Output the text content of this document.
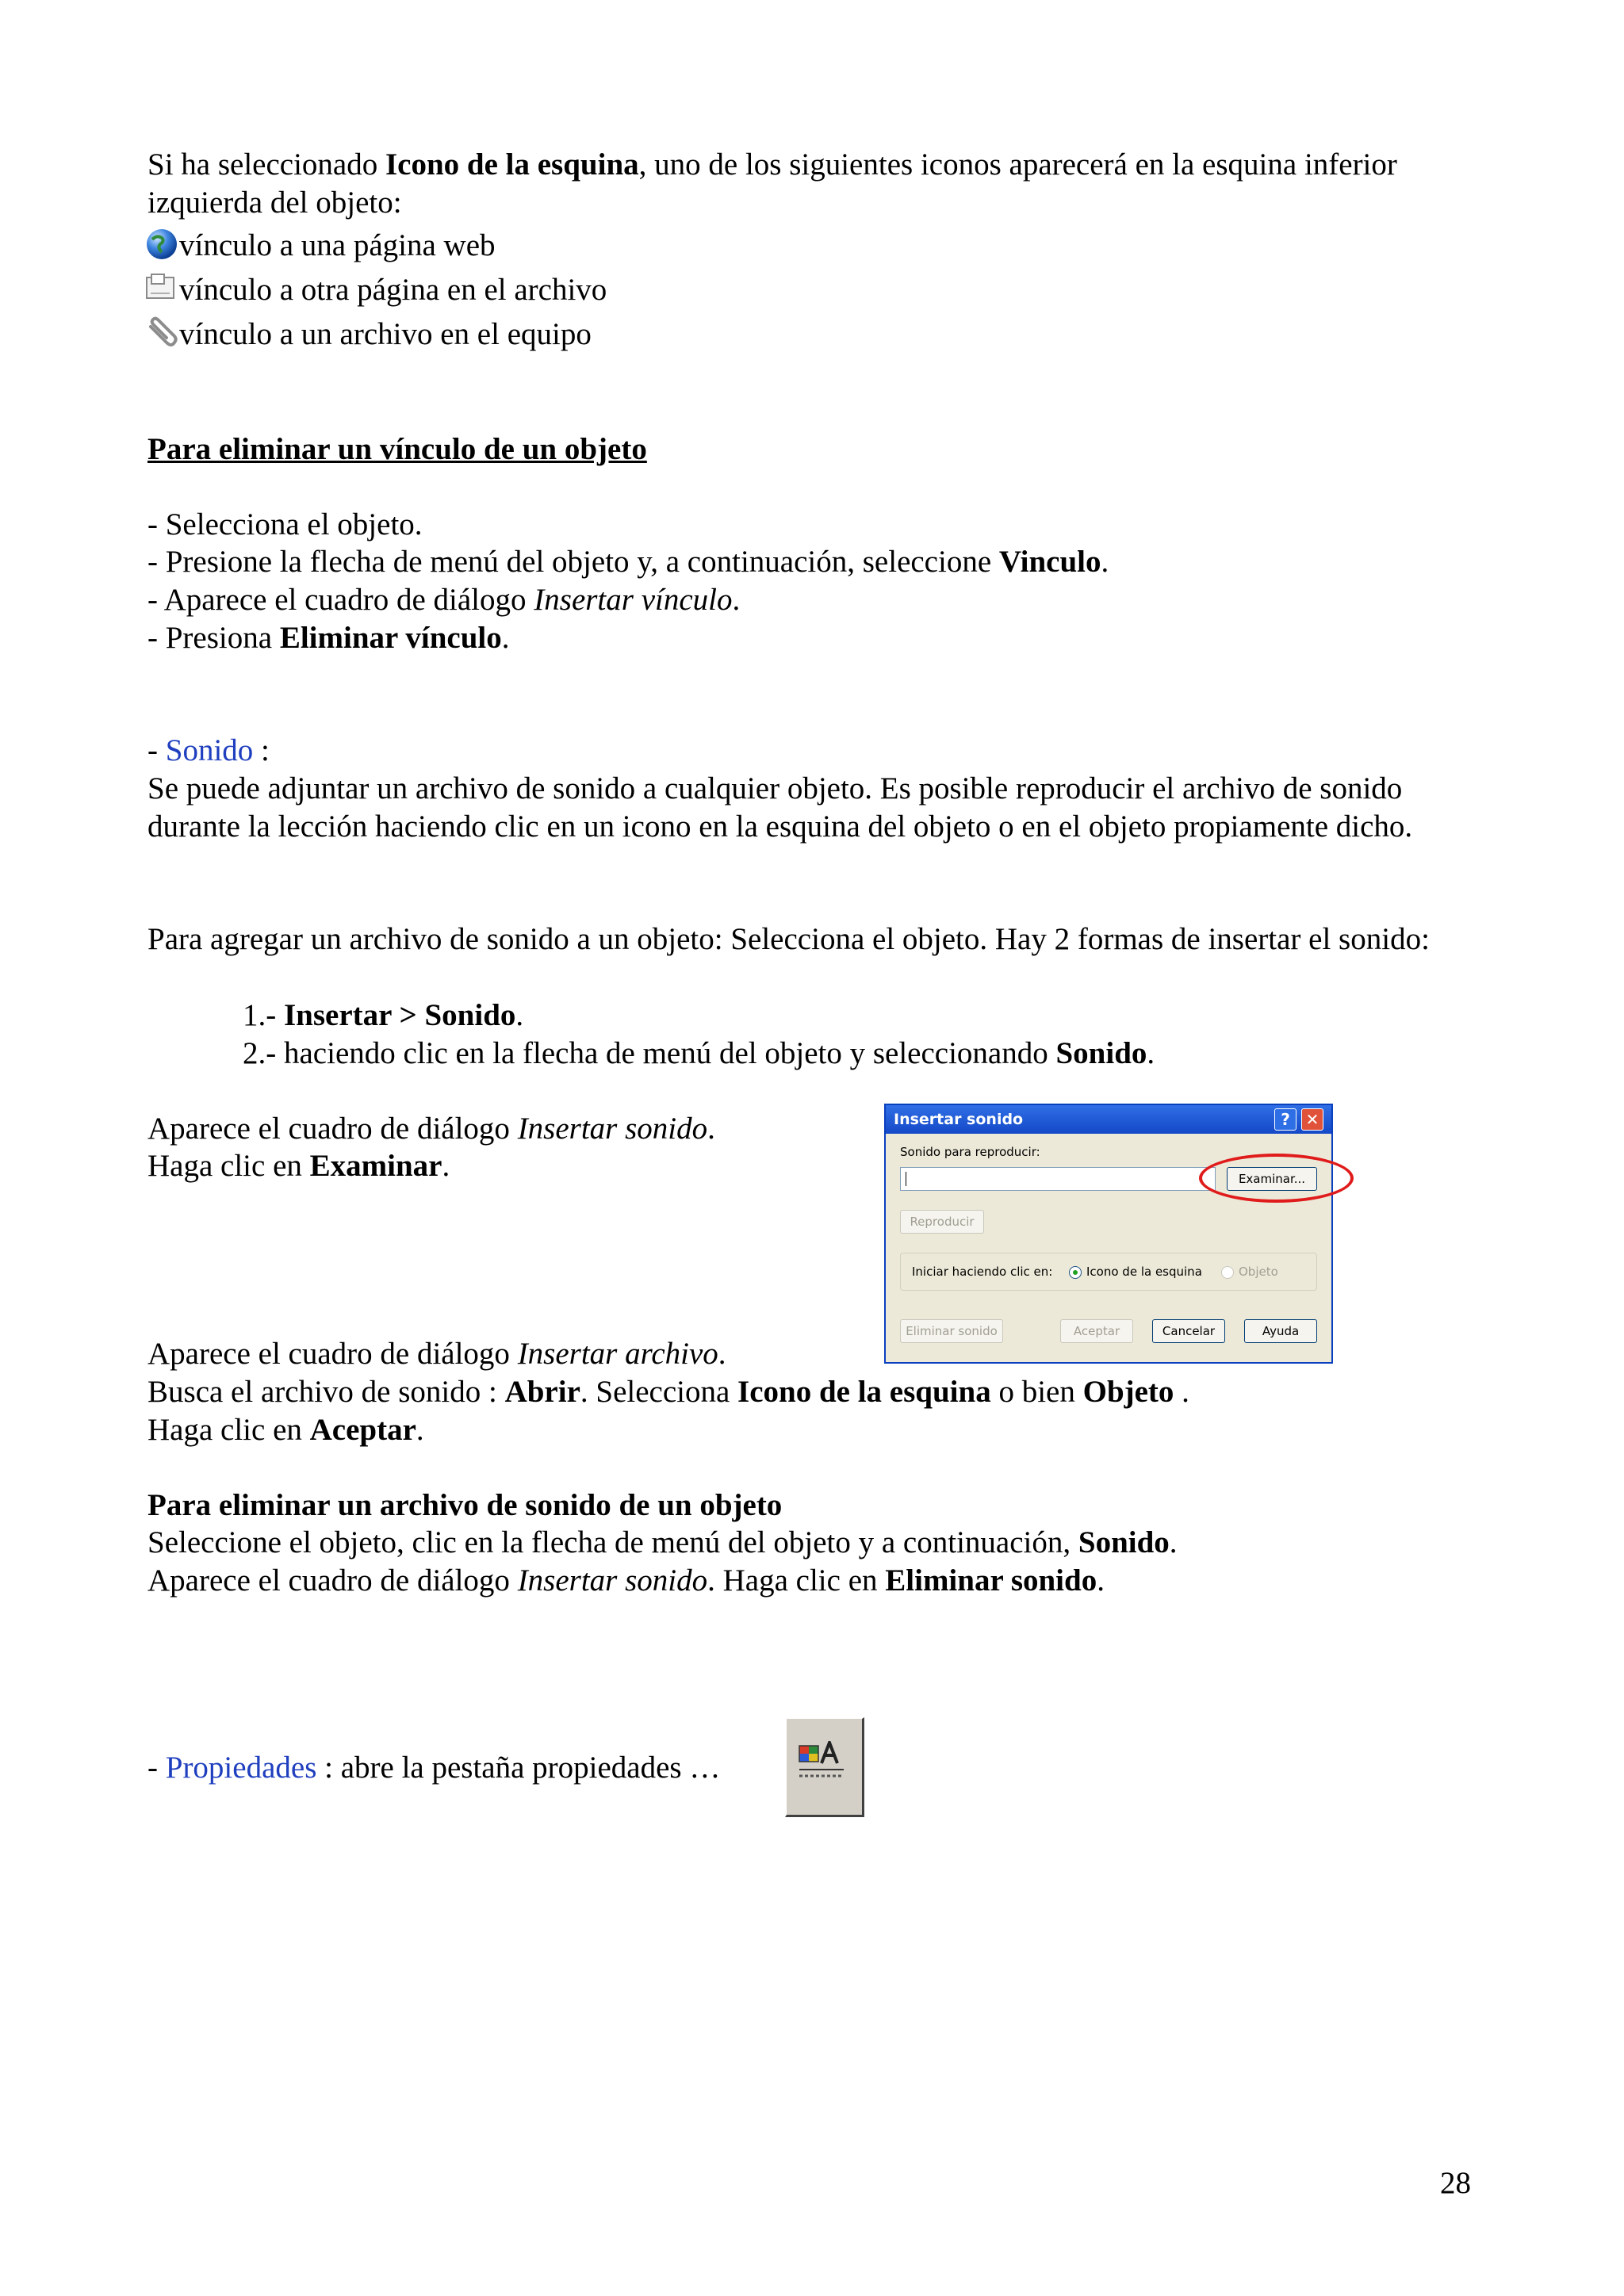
Si ha seleccionado Icono de la esquina, uno de los siguientes iconos aparecerá en la esquina inferior izquierda del objeto:
vínculo a una página web
vínculo a otra página en el archivo
vínculo a un archivo en el equipo
Para eliminar un vínculo de un objeto
- Selecciona el objeto.
- Presione la flecha de menú del objeto y, a continuación, seleccione Vinculo.
- Aparece el cuadro de diálogo Insertar vínculo.
- Presiona Eliminar vínculo.
- Sonido :
Se puede adjuntar un archivo de sonido a cualquier objeto. Es posible reproducir el archivo de sonido durante la lección haciendo clic en un icono en la esquina del objeto o en el objeto propiamente dicho.
Para agregar un archivo de sonido a un objeto: Selecciona el objeto. Hay 2 formas de insertar el sonido:
1.- Insertar > Sonido.
2.- haciendo clic en la flecha de menú del objeto y seleccionando Sonido.
Aparece el cuadro de diálogo Insertar sonido.
Haga clic en Examinar.
Insertar sonido	? ✕
Sonido para reproducir:
Examinar...
Reproducir
Iniciar haciendo clic en:	Icono de la esquina	Objeto
Eliminar sonido	Aceptar	Cancelar	Ayuda
Aparece el cuadro de diálogo Insertar archivo.
Busca el archivo de sonido : Abrir. Selecciona Icono de la esquina o bien Objeto .
Haga clic en Aceptar.
Para eliminar un archivo de sonido de un objeto
Seleccione el objeto, clic en la flecha de menú del objeto y a continuación, Sonido.
Aparece el cuadro de diálogo Insertar sonido. Haga clic en Eliminar sonido.
- Propiedades : abre la pestaña propiedades …
28
